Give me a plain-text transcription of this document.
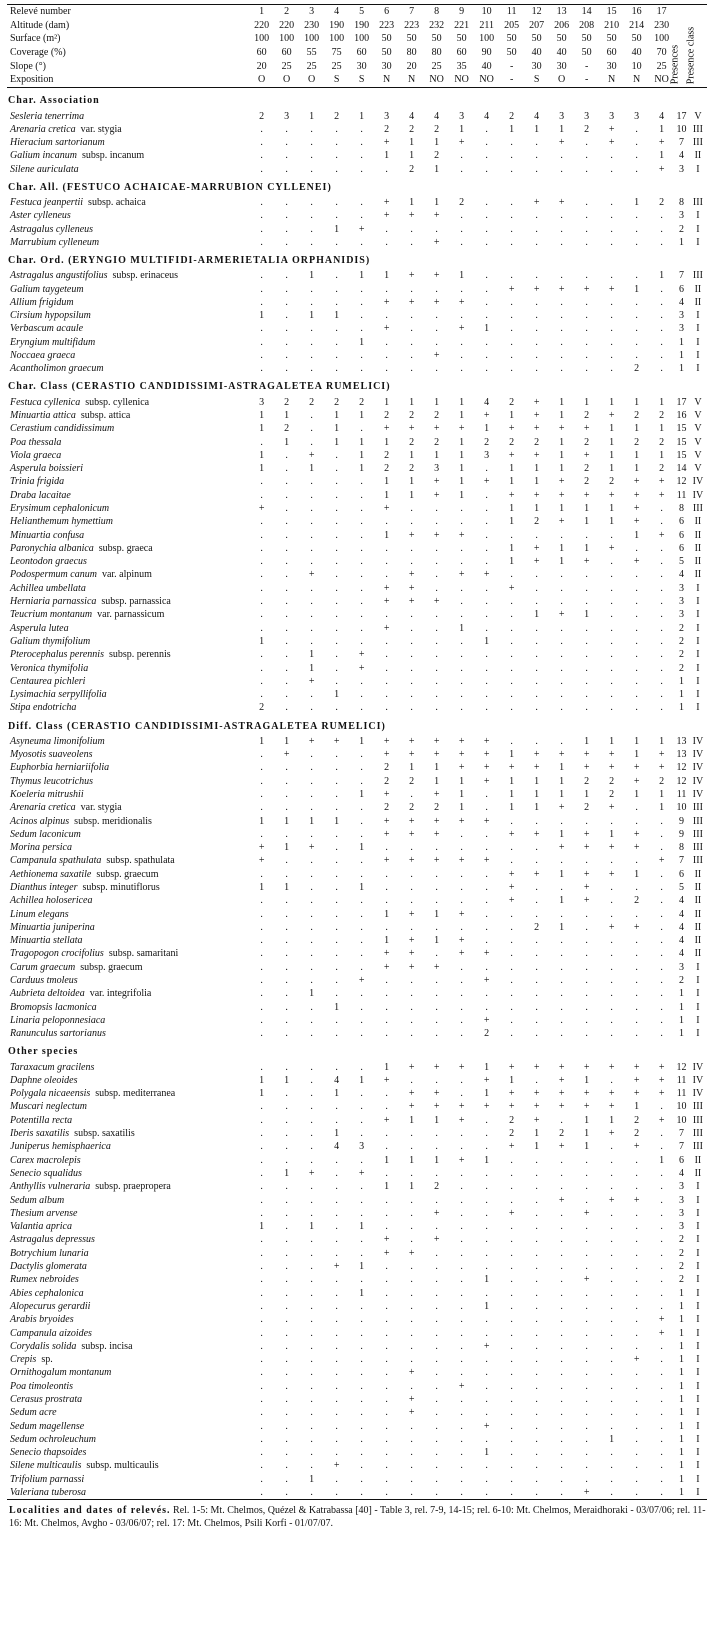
Relevé number	1	2	3	4	5	6	7	8	9	10	11	12	13	14	15	16	17	Presences	Presence class

Altitude (dam)	220	220	230	190	190	223	223	232	221	211	205	207	206	208	210	214	230		
Surface (m²)	100	100	100	100	100	50	50	50	50	100	50	50	50	50	50	50	100		
Coverage (%)	60	60	55	75	60	50	80	80	60	90	50	40	40	50	60	40	70		
Slope (°)	20	25	25	25	30	30	20	25	35	40	-	30	30	-	30	10	25		
Exposition	O	O	O	S	S	N	N	NO	NO	NO	-	S	O	-	N	N	NO		
Char. Association																			
Sesleria tenerrima	2	3	1	2	1	3	4	4	3	4	2	4	3	3	3	3	4	17	V
Arenaria cretica  var. stygia	.	.	.	.	.	2	2	2	1	.	1	1	1	2	+	.	1	10	III
Hieracium sartorianum	.	.	.	.	.	+	1	1	+	.	.	.	+	.	+	.	+	7	III
Galium incanum  subsp. incanum	.	.	.	.	.	1	1	2	.	.	.	.	.	.	.	.	1	4	II
Silene auriculata	.	.	.	.	.	.	2	1	.	.	.	.	.	.	.	.	+	3	I
Char. All. (FESTUCO ACHAICAE-MARRUBION CYLLENEI)																			
Festuca jeanpertii  subsp. achaica	.	.	.	.	.	+	1	1	2	.	.	+	+	.	.	1	2	8	III
Aster cylleneus	.	.	.	.	.	+	+	+	.	.	.	.	.	.	.	.	.	3	I
Astragalus cylleneus	.	.	.	1	+	.	.	.	.	.	.	.	.	.	.	.	.	2	I
Marrubium cylleneum	.	.	.	.	.	.	.	+	.	.	.	.	.	.	.	.	.	1	I
Char. Ord. (ERYNGIO MULTIFIDI-ARMERIETALIA ORPHANIDIS)																			
Astragalus angustifolius  subsp. erinaceus	.	.	1	.	1	1	+	+	1	.	.	.	.	.	.	.	1	7	III
Galium taygeteum	.	.	.	.	.	.	.	.	.	.	+	+	+	+	+	1	.	6	II
Allium frigidum	.	.	.	.	.	+	+	+	+	.	.	.	.	.	.	.	.	4	II
Cirsium hypopsilum	1	.	1	1	.	.	.	.	.	.	.	.	.	.	.	.	.	3	I
Verbascum acaule	.	.	.	.	.	+	.	.	+	1	.	.	.	.	.	.	.	3	I
Eryngium multifidum	.	.	.	.	1	.	.	.	.	.	.	.	.	.	.	.	.	1	I
Noccaea graeca	.	.	.	.	.	.	.	+	.	.	.	.	.	.	.	.	.	1	I
Acantholimon graecum	.	.	.	.	.	.	.	.	.	.	.	.	.	.	.	2	.	1	I
Char. Class (CERASTIO CANDIDISSIMI-ASTRAGALETEA RUMELICI)																			
Festuca cyllenica  subsp. cyllenica	3	2	2	2	2	1	1	1	1	4	2	+	1	1	1	1	1	17	V
Minuartia attica  subsp. attica	1	1	.	1	1	2	2	2	1	+	1	+	1	2	+	2	2	16	V
Cerastium candidissimum	1	2	.	1	.	+	+	+	+	1	+	+	+	+	1	1	1	15	V
Poa thessala	.	1	.	1	1	1	2	2	1	2	2	2	1	2	1	2	2	15	V
Viola graeca	1	.	+	.	1	2	1	1	1	3	+	+	1	+	1	1	1	15	V
Asperula boissieri	1	.	1	.	1	2	2	3	1	.	1	1	1	2	1	1	2	14	V
Trinia frigida	.	.	.	.	.	1	1	+	1	+	1	1	+	2	2	+	+	12	IV
Draba lacaitae	.	.	.	.	.	1	1	+	1	.	+	+	+	+	+	+	+	11	IV
Erysimum cephalonicum	+	.	.	.	.	+	.	.	.	.	1	1	1	1	1	+	.	8	III
Helianthemum hymettium	.	.	.	.	.	.	.	.	.	.	1	2	+	1	1	+	.	6	II
Minuartia confusa	.	.	.	.	.	1	+	+	+	.	.	.	.	.	.	1	+	6	II
Paronychia albanica  subsp. graeca	.	.	.	.	.	.	.	.	.	.	1	+	1	1	+	.	.	6	II
Leontodon graecus	.	.	.	.	.	.	.	.	.	.	1	+	1	+	.	+	.	5	II
Podospermum canum  var. alpinum	.	.	+	.	.	.	+	.	+	+	.	.	.	.	.	.	.	4	II
Achillea umbellata	.	.	.	.	.	+	+	.	.	.	+	.	.	.	.	.	.	3	I
Herniaria parnassica  subsp. parnassica	.	.	.	.	.	+	+	+	.	.	.	.	.	.	.	.	.	3	I
Teucrium montanum  var. parnassicum	.	.	.	.	.	.	.	.	.	.	.	1	+	1	.	.	.	3	I
Asperula lutea	.	.	.	.	.	+	.	.	1	.	.	.	.	.	.	.	.	2	I
Galium thymifolium	1	.	.	.	.	.	.	.	.	1	.	.	.	.	.	.	.	2	I
Pterocephalus perennis  subsp. perennis	.	.	1	.	+	.	.	.	.	.	.	.	.	.	.	.	.	2	I
Veronica thymifolia	.	.	1	.	+	.	.	.	.	.	.	.	.	.	.	.	.	2	I
Centaurea pichleri	.	.	+	.	.	.	.	.	.	.	.	.	.	.	.	.	.	1	I
Lysimachia serpyllifolia	.	.	.	1	.	.	.	.	.	.	.	.	.	.	.	.	.	1	I
Stipa endotricha	2	.	.	.	.	.	.	.	.	.	.	.	.	.	.	.	.	1	I
Diff. Class (CERASTIO CANDIDISSIMI-ASTRAGALETEA RUMELICI)																			
Asyneuma limonifolium	1	1	+	+	1	+	+	+	+	+	.	.	.	1	1	1	1	13	IV
Myosotis suaveolens	.	+	.	.	.	+	+	+	+	+	1	+	+	+	+	1	+	13	IV
Euphorbia herniariifolia	.	.	.	.	.	2	1	1	+	+	+	+	1	+	+	+	+	12	IV
Thymus leucotrichus	.	.	.	.	.	2	2	1	1	+	1	1	1	2	2	+	2	12	IV
Koeleria mitrushii	.	.	.	.	1	+	.	+	1	.	1	1	1	1	2	1	1	11	IV
Arenaria cretica  var. stygia	.	.	.	.	.	2	2	2	1	.	1	1	+	2	+	.	1	10	III
Acinos alpinus  subsp. meridionalis	1	1	1	1	.	+	+	+	+	+	.	.	.	.	.	.	.	9	III
Sedum laconicum	.	.	.	.	.	+	+	+	.	.	+	+	1	+	1	+	.	9	III
Morina persica	+	1	+	.	1	.	.	.	.	.	.	.	+	+	+	+	.	8	III
Campanula spathulata  subsp. spathulata	+	.	.	.	.	+	+	+	+	+	.	.	.	.	.	.	+	7	III
Aethionema saxatile  subsp. graecum	.	.	.	.	.	.	.	.	.	.	+	+	1	+	+	1	.	6	II
Dianthus integer  subsp. minutiflorus	1	1	.	.	1	.	.	.	.	.	+	.	.	+	.	.	.	5	II
Achillea holosericea	.	.	.	.	.	.	.	.	.	.	+	.	1	+	.	2	.	4	II
Linum elegans	.	.	.	.	.	1	+	1	+	.	.	.	.	.	.	.	.	4	II
Minuartia juniperina	.	.	.	.	.	.	.	.	.	.	.	2	1	.	+	+	.	4	II
Minuartia stellata	.	.	.	.	.	1	+	1	+	.	.	.	.	.	.	.	.	4	II
Tragopogon crocifolius  subsp. samaritani	.	.	.	.	.	+	+	.	+	+	.	.	.	.	.	.	.	4	II
Carum graecum  subsp. graecum	.	.	.	.	.	+	+	+	.	.	.	.	.	.	.	.	.	3	I
Carduus tmoleus	.	.	.	.	+	.	.	.	.	+	.	.	.	.	.	.	.	2	I
Aubrieta deltoidea  var. integrifolia	.	.	1	.	.	.	.	.	.	.	.	.	.	.	.	.	.	1	I
Bromopsis lacmonica	.	.	.	1	.	.	.	.	.	.	.	.	.	.	.	.	.	1	I
Linaria peloponnesiaca	.	.	.	.	.	.	.	.	.	+	.	.	.	.	.	.	.	1	I
Ranunculus sartorianus	.	.	.	.	.	.	.	.	.	2	.	.	.	.	.	.	.	1	I
Other species																			
Taraxacum gracilens	.	.	.	.	.	1	+	+	+	1	+	+	+	+	+	+	+	12	IV
Daphne oleoides	1	1	.	4	1	+	.	.	.	+	1	.	+	1	.	+	+	11	IV
Polygala nicaeensis  subsp. mediterranea	1	.	.	1	.	.	+	+	.	1	+	+	+	+	+	+	+	11	IV
Muscari neglectum	.	.	.	.	.	.	+	+	+	+	+	+	+	+	+	1	.	10	III
Potentilla recta	.	.	.	.	.	+	1	1	+	.	2	+	.	1	1	2	+	10	III
Iberis saxatilis  subsp. saxatilis	.	.	.	1	.	.	.	.	.	.	2	1	2	1	+	2	.	7	III
Juniperus hemisphaerica	.	.	.	4	3	.	.	.	.	.	+	1	+	1	.	+	.	7	III
Carex macrolepis	.	.	.	.	.	1	1	1	+	1	.	.	.	.	.	.	1	6	II
Senecio squalidus	.	1	+	.	+	.	.	.	.	.	.	.	.	.	.	.	.	4	II
Anthyllis vulneraria  subsp. praepropera	.	.	.	.	.	1	1	2	.	.	.	.	.	.	.	.	.	3	I
Sedum album	.	.	.	.	.	.	.	.	.	.	.	.	+	.	+	+	.	3	I
Thesium arvense	.	.	.	.	.	.	.	+	.	.	+	.	.	+	.	.	.	3	I
Valantia aprica	1	.	1	.	1	.	.	.	.	.	.	.	.	.	.	.	.	3	I
Astragalus depressus	.	.	.	.	.	+	.	+	.	.	.	.	.	.	.	.	.	2	I
Botrychium lunaria	.	.	.	.	.	+	+	.	.	.	.	.	.	.	.	.	.	2	I
Dactylis glomerata	.	.	.	+	1	.	.	.	.	.	.	.	.	.	.	.	.	2	I
Rumex nebroides	.	.	.	.	.	.	.	.	.	1	.	.	.	+	.	.	.	2	I
Abies cephalonica	.	.	.	.	1	.	.	.	.	.	.	.	.	.	.	.	.	1	I
Alopecurus gerardii	.	.	.	.	.	.	.	.	.	1	.	.	.	.	.	.	.	1	I
Arabis bryoides	.	.	.	.	.	.	.	.	.	.	.	.	.	.	.	.	+	1	I
Campanula aizoides	.	.	.	.	.	.	.	.	.	.	.	.	.	.	.	.	+	1	I
Corydalis solida  subsp. incisa	.	.	.	.	.	.	.	.	.	+	.	.	.	.	.	.	.	1	I
Crepis  sp.	.	.	.	.	.	.	.	.	.	.	.	.	.	.	.	+	.	1	I
Ornithogalum montanum	.	.	.	.	.	.	+	.	.	.	.	.	.	.	.	.	.	1	I
Poa timoleontis	.	.	.	.	.	.	.	.	+	.	.	.	.	.	.	.	.	1	I
Cerasus prostrata	.	.	.	.	.	.	+	.	.	.	.	.	.	.	.	.	.	1	I
Sedum acre	.	.	.	.	.	.	+	.	.	.	.	.	.	.	.	.	.	1	I
Sedum magellense	.	.	.	.	.	.	.	.	.	+	.	.	.	.	.	.	.	1	I
Sedum ochroleuchum	.	.	.	.	.	.	.	.	.	.	.	.	.	.	1	.	.	1	I
Senecio thapsoides	.	.	.	.	.	.	.	.	.	1	.	.	.	.	.	.	.	1	I
Silene multicaulis  subsp. multicaulis	.	.	.	+	.	.	.	.	.	.	.	.	.	.	.	.	.	1	I
Trifolium parnassi	.	.	1	.	.	.	.	.	.	.	.	.	.	.	.	.	.	1	I
Valeriana tuberosa	.	.	.	.	.	.	.	.	.	.	.	.	.	+	.	.	.	1	I

Localities and dates of relevés. Rel. 1-5: Mt. Chelmos, Quézel & Katrabassa [40] - Table 3, rel. 7-9, 14-15; rel. 6-10: Mt. Chelmos, Meraidhoraki - 03/07/06; rel. 11-16: Mt. Chelmos, Avgho - 03/06/07; rel. 17: Mt. Chelmos, Psili Korfi - 01/07/07.
